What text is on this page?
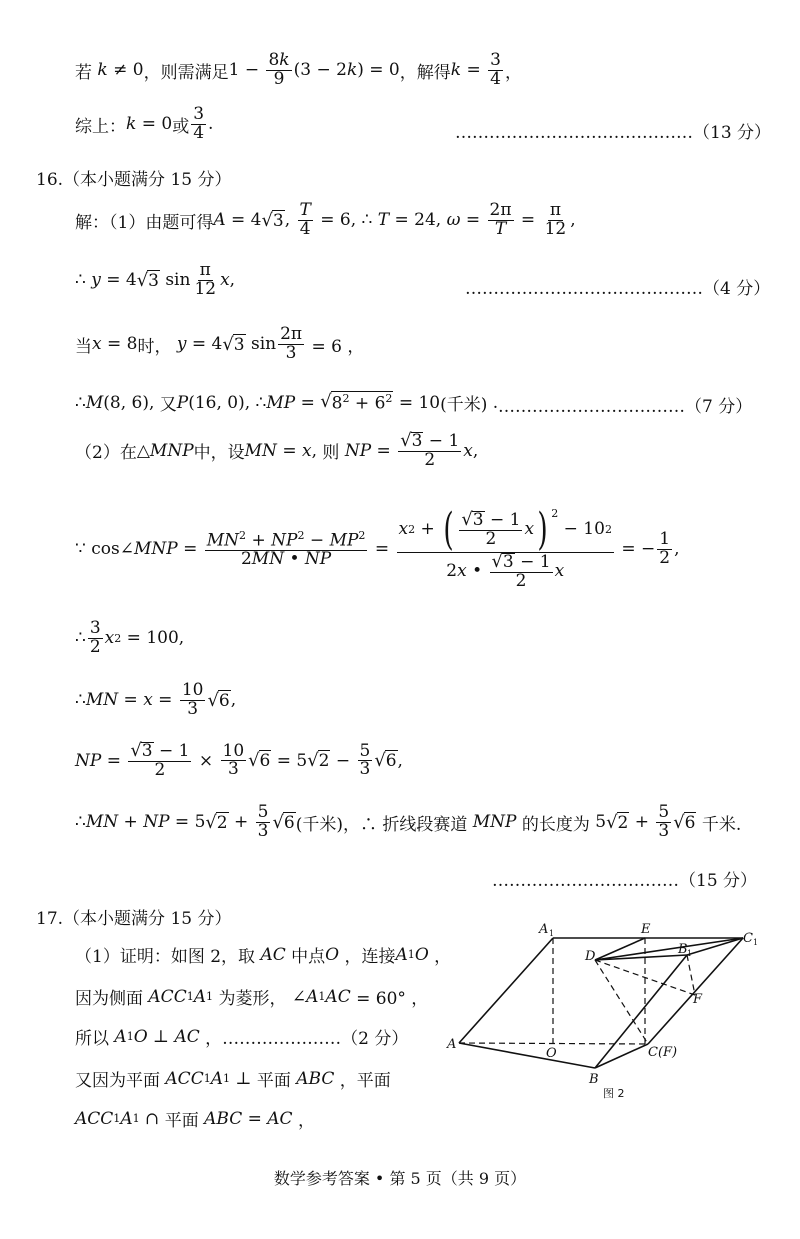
若
k ≠ 0 ，则需满足 $1 - \frac{8k}{9} (3 - 2$ k ) = 0 ，解得 $k = \frac{3}{4}$ ，
综上： k = 0 或 $\frac{3}{4}$ .	……………………………………（13 分）
16.（本小题满分 15 分）
解：（1）由题可得 A = 4 √ 3 , $\frac{T}{4} = 6$, ∴ T = 24, $\omega = \frac{2\pi}{T} = \frac{\pi}{12}$ ,
∴ y = 4 √ 3 $\sin \frac{\pi}{12}$ x ,	……………………………………（4 分）
当 x = 8 时，
y = 4 √ 3 $\sin \frac{2\pi}{3} = 6$ ，
∴ M (8, 6), 又 P (16, 0), ∴ MP = √ $8^2 + 6^2 = 10$ (千米) . ……………………………（7 分）
（2）在 △ MNP 中，设 MN = x , 则
NP = $\frac{√ 3 - 1}{2}$ x ,
∵ cos∠ MNP = $\frac{MN^2 + NP^2 - MP^2}{2MN • NP} = x$ 2 + ( $\frac{√ 3 - 1}{2}$ x ) $^2$
− 10 2
2 x • $\frac{√ 3 - 1}{2}$ x = − $\frac{1}{2}$ ,
∴ $\frac{3}{2}$ x 2 = 100,
∴ MN = $x = \frac{10}{3}$ √ 6 ,
NP = $\frac{√ 3 - 1}{2} \times \frac{10}{3}$ √ 6 = 5 √ $2 - \frac{5}{3}$ √ 6 ,
∴ MN + NP = 5 √ $2 + \frac{5}{3}$ √ 6 (千米) ，∴ 折线段赛道
MNP
的长度为 5 √ $2 + \frac{5}{3}$ √ 6
千米.
……………………………（15 分）
17.（本小题满分 15 分）
（1）证明：如图 2，取
AC
中点 O
，连接 A 1 O ，
因为侧面
ACC 1 A 1
为菱形， ∠ A 1 AC = 60° ，
所以
A 1 O ⊥ AC ， …………………（2 分）
又因为平面
ACC 1 A 1 ⊥ 平面
ABC
，平面
ACC 1 A 1 ∩ 平面
ABC = AC ，
A 1	E
C 1
D	B 1
F
A
O	C(F)
B
图 2
数学参考答案 • 第 5 页（共 9 页）
